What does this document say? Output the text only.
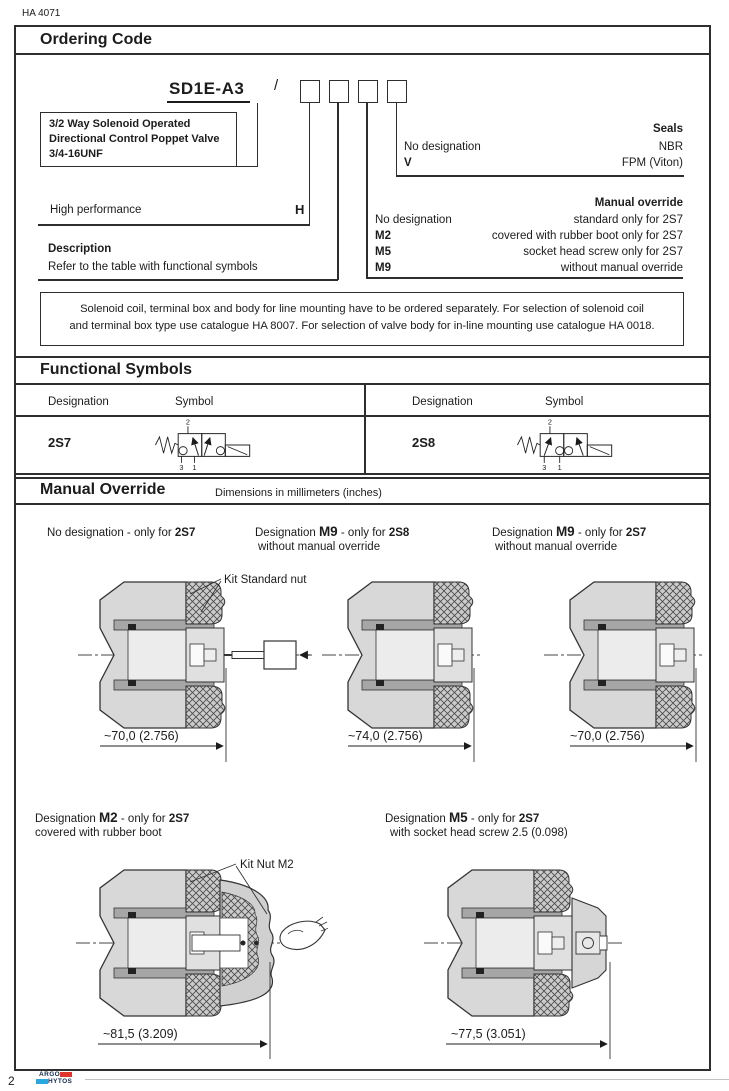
HA 4071
Ordering Code
SD1E-A3	/
3/2 Way Solenoid Operated
Directional Control Poppet Valve
3/4-16UNF
High performance	H
Description
Refer to the table with functional symbols
Seals
No designation	NBR
V	FPM (Viton)
Manual override
No designation	standard only for 2S7
M2	covered with rubber boot only for 2S7
M5	socket head screw only for 2S7
M9	without manual override
Solenoid coil, terminal box and body for line mounting have to be ordered separately. For selection of solenoid coil
and terminal box type use catalogue HA 8007. For selection of valve body for in-line mounting use catalogue HA 0018.
Functional Symbols
Designation	Symbol	Designation	Symbol
2S7	2S8
2
3 1
2
3 1
Manual Override	Dimensions in millimeters (inches)
No designation - only for 2S7	Designation M9 - only for 2S8
without manual override
Designation M9 - only for 2S7
without manual override
Kit Standard nut
~70,0 (2.756)	~74,0 (2.756)	~70,0 (2.756)
Designation M2 - only for 2S7
covered with rubber boot
Designation M5 - only for 2S7
with socket head screw 2.5 (0.098)
Kit Nut M2
~81,5 (3.209)	~77,5 (3.051)
2	ARGO
HYTOS
